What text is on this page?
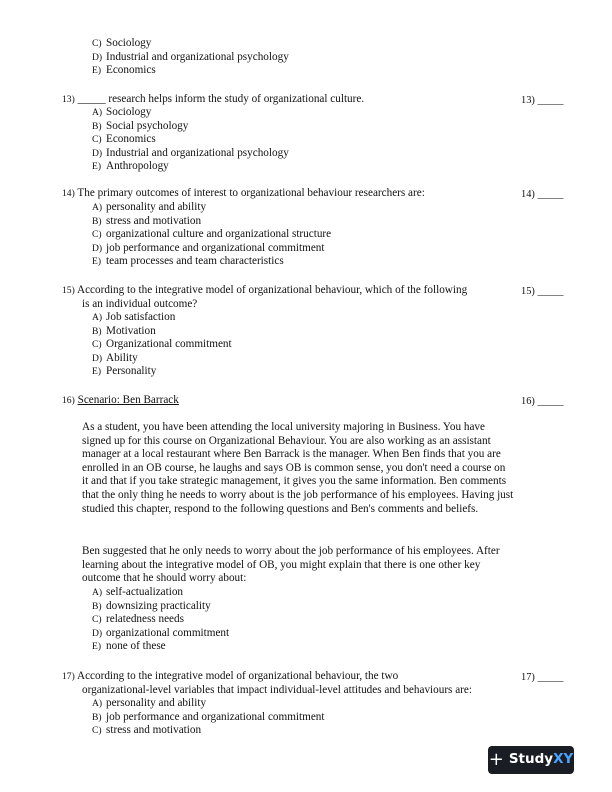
C) Sociology
D) Industrial and organizational psychology
E) Economics
13) _____ research helps inform the study of organizational culture.	13) _____
A) Sociology
B) Social psychology
C) Economics
D) Industrial and organizational psychology
E) Anthropology
14) The primary outcomes of interest to organizational behaviour researchers are:	14) _____
A) personality and ability
B) stress and motivation
C) organizational culture and organizational structure
D) job performance and organizational commitment
E) team processes and team characteristics
15) According to the integrative model of organizational behaviour, which of the following
is an individual outcome?
15) _____
A) Job satisfaction
B) Motivation
C) Organizational commitment
D) Ability
E) Personality
16) Scenario: Ben Barrack	16) _____

As a student, you have been attending the local university majoring in Business. You have signed up for this course on Organizational Behaviour. You are also working as an assistant manager at a local restaurant where Ben Barrack is the manager. When Ben finds that you are enrolled in an OB course, he laughs and says OB is common sense, you don't need a course on it and that if you take strategic management, it gives you the same information. Ben comments that the only thing he needs to worry about is the job performance of his employees. Having just studied this chapter, respond to the following questions and Ben's comments and beliefs.

Ben suggested that he only needs to worry about the job performance of his employees. After learning about the integrative model of OB, you might explain that there is one other key outcome that he should worry about:

A) self-actualization
B) downsizing practicality
C) relatedness needs
D) organizational commitment
E) none of these
17) According to the integrative model of organizational behaviour, the two
organizational-level variables that impact individual-level attitudes and behaviours are:
17) _____
A) personality and ability
B) job performance and organizational commitment
C) stress and motivation
+ Study XY
